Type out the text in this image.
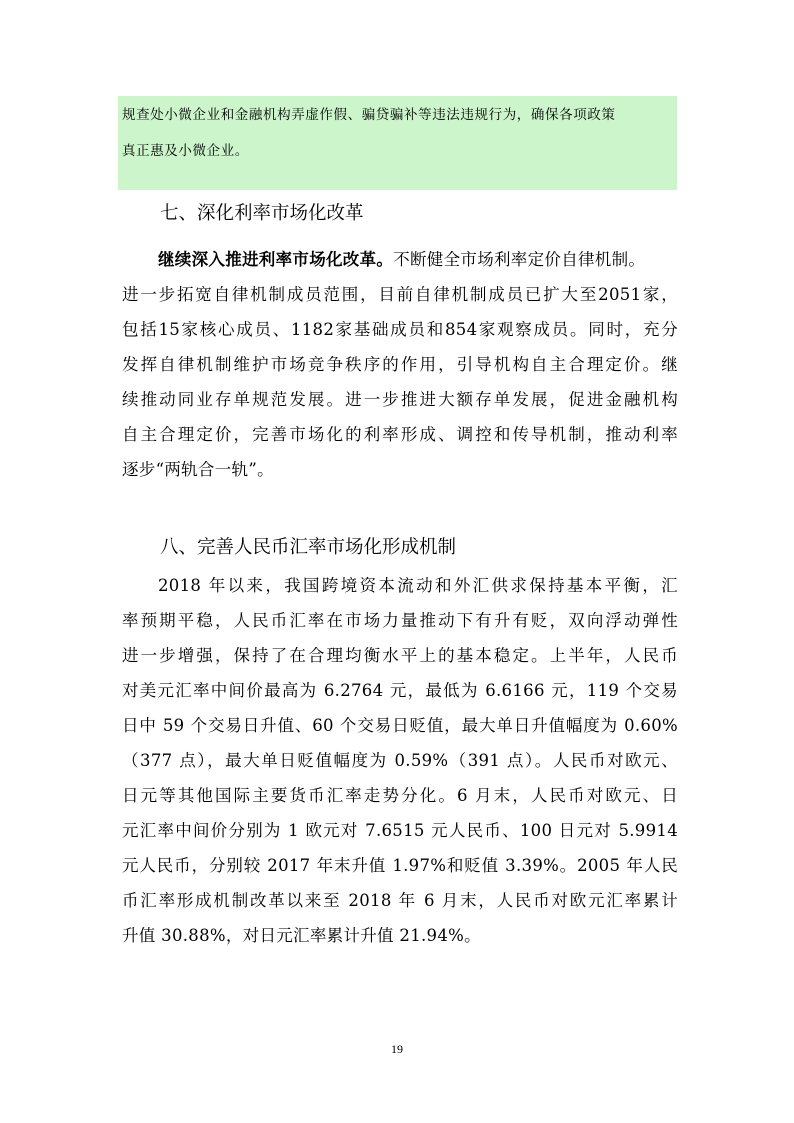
规查处小微企业和金融机构弄虚作假、骗贷骗补等违法违规行为，确保各项政策

真正惠及小微企业。

七、深化利率市场化改革
继续深入推进利率市场化改革。不断健全市场利率定价自律机制。
进一步拓宽自律机制成员范围，目前自律机制成员已扩大至2051家，
包括15家核心成员、1182家基础成员和854家观察成员。同时，充分
发挥自律机制维护市场竞争秩序的作用，引导机构自主合理定价。继
续推动同业存单规范发展。进一步推进大额存单发展，促进金融机构
自主合理定价，完善市场化的利率形成、调控和传导机制，推动利率
逐步“两轨合一轨”。
八、完善人民币汇率市场化形成机制
2018 年以来，我国跨境资本流动和外汇供求保持基本平衡，汇
率预期平稳，人民币汇率在市场力量推动下有升有贬，双向浮动弹性
进一步增强，保持了在合理均衡水平上的基本稳定。上半年，人民币
对美元汇率中间价最高为 6.2764 元，最低为 6.6166 元，119 个交易
日中 59 个交易日升值、60 个交易日贬值，最大单日升值幅度为 0.60%
（377 点），最大单日贬值幅度为 0.59%（391 点）。人民币对欧元、
日元等其他国际主要货币汇率走势分化。6 月末，人民币对欧元、日
元汇率中间价分别为 1 欧元对 7.6515 元人民币、100 日元对 5.9914
元人民币，分别较 2017 年末升值 1.97%和贬值 3.39%。2005 年人民
币汇率形成机制改革以来至 2018 年 6 月末，人民币对欧元汇率累计
升值 30.88%，对日元汇率累计升值 21.94%。
19
